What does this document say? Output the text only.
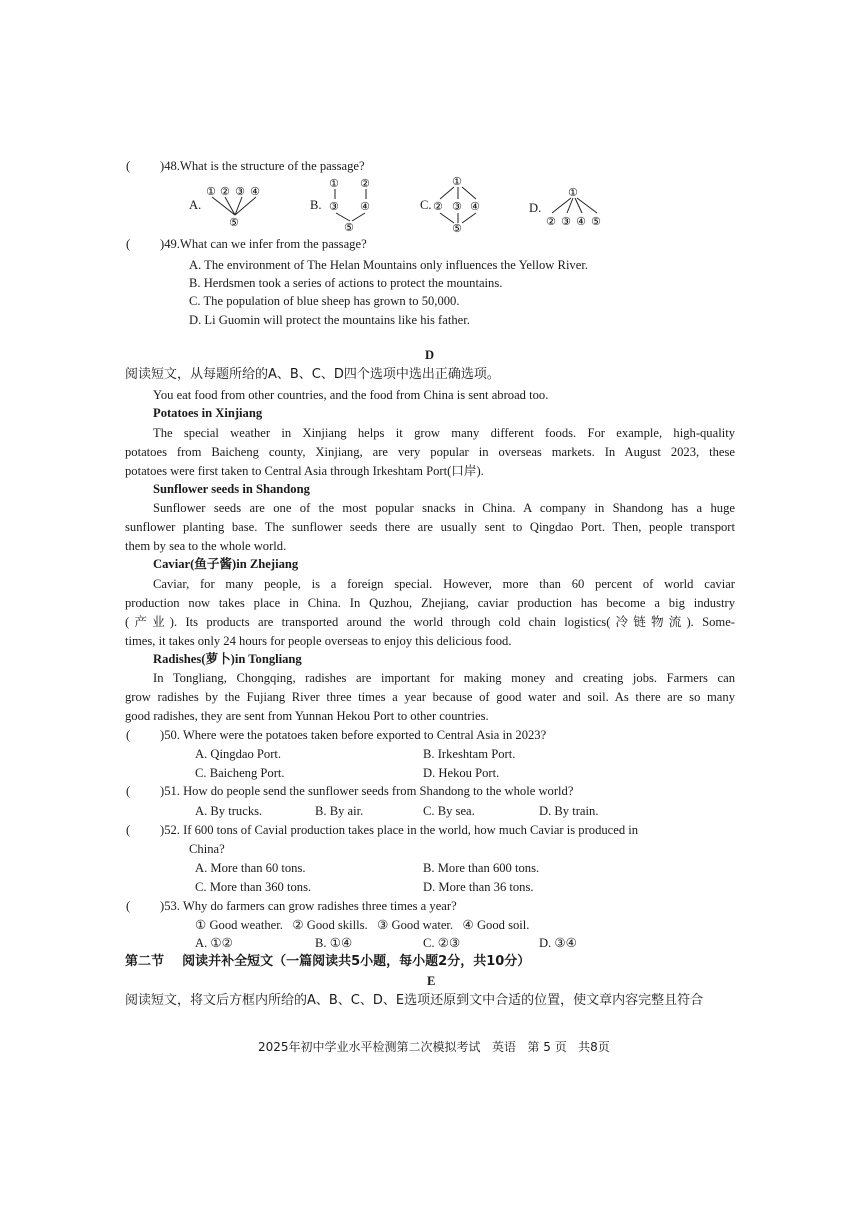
( )48.What is the structure of the passage?
A.
① ② ③ ④
⑤
B.
① ②
③ ④
⑤
C.
①
② ③ ④
⑤
D.
①
② ③ ④ ⑤
( )49.What can we infer from the passage?
A. The environment of The Helan Mountains only influences the Yellow River.
B. Herdsmen took a series of actions to protect the mountains.
C. The population of blue sheep has grown to 50,000.
D. Li Guomin will protect the mountains like his father.
D
阅读短文，从每题所给的A、B、C、D四个选项中选出正确选项。
You eat food from other countries, and the food from China is sent abroad too.
Potatoes in Xinjiang
The special weather in Xinjiang helps it grow many different foods. For example, high-quality
potatoes from Baicheng county, Xinjiang, are very popular in overseas markets. In August 2023, these
potatoes were first taken to Central Asia through Irkeshtam Port(口岸).
Sunflower seeds in Shandong
Sunflower seeds are one of the most popular snacks in China. A company in Shandong has a huge
sunflower planting base. The sunflower seeds there are usually sent to Qingdao Port. Then, people transport
them by sea to the whole world.
Caviar(鱼子酱)in Zhejiang
Caviar, for many people, is a foreign special. However, more than 60 percent of world caviar
production now takes place in China. In Quzhou, Zhejiang, caviar production has become a big industry
(产业). Its products are transported around the world through cold chain logistics(冷链物流). Some-
times, it takes only 24 hours for people overseas to enjoy this delicious food.
Radishes(萝卜)in Tongliang
In Tongliang, Chongqing, radishes are important for making money and creating jobs. Farmers can
grow radishes by the Fujiang River three times a year because of good water and soil. As there are so many
good radishes, they are sent from Yunnan Hekou Port to other countries.
( )50. Where were the potatoes taken before exported to Central Asia in 2023?
A. Qingdao Port.	B. Irkeshtam Port.
C. Baicheng Port.	D. Hekou Port.
( )51. How do people send the sunflower seeds from Shandong to the whole world?
A. By trucks.	B. By air.	C. By sea.	D. By train.
( )52. If 600 tons of Cavial production takes place in the world, how much Caviar is produced in
China?
A. More than 60 tons.	B. More than 600 tons.
C. More than 360 tons.	D. More than 36 tons.
( )53. Why do farmers can grow radishes three times a year?
① Good weather.   ② Good skills.   ③ Good water.   ④ Good soil.
A. ①②	B. ①④	C. ②③	D. ③④
第二节    阅读并补全短文（一篇阅读共5小题，每小题2分，共10分）
E
阅读短文，将文后方框内所给的A、B、C、D、E选项还原到文中合适的位置，使文章内容完整且符合
2025年初中学业水平检测第二次模拟考试   英语   第 5 页   共8页
